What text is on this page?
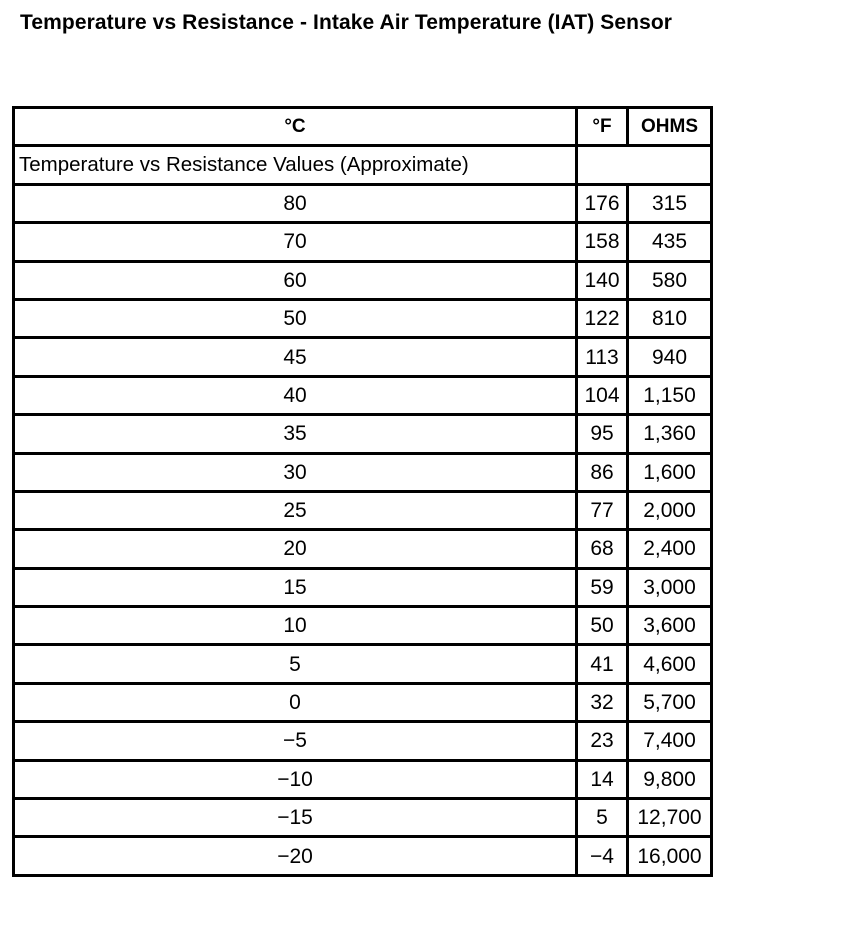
Temperature vs Resistance - Intake Air Temperature (IAT) Sensor
°C	°F	OHMS
Temperature vs Resistance Values (Approximate)		
80	176	315
70	158	435
60	140	580
50	122	810
45	113	940
40	104	1,150
35	95	1,360
30	86	1,600
25	77	2,000
20	68	2,400
15	59	3,000
10	50	3,600
5	41	4,600
0	32	5,700
−5	23	7,400
−10	14	9,800
−15	5	12,700
−20	−4	16,000
